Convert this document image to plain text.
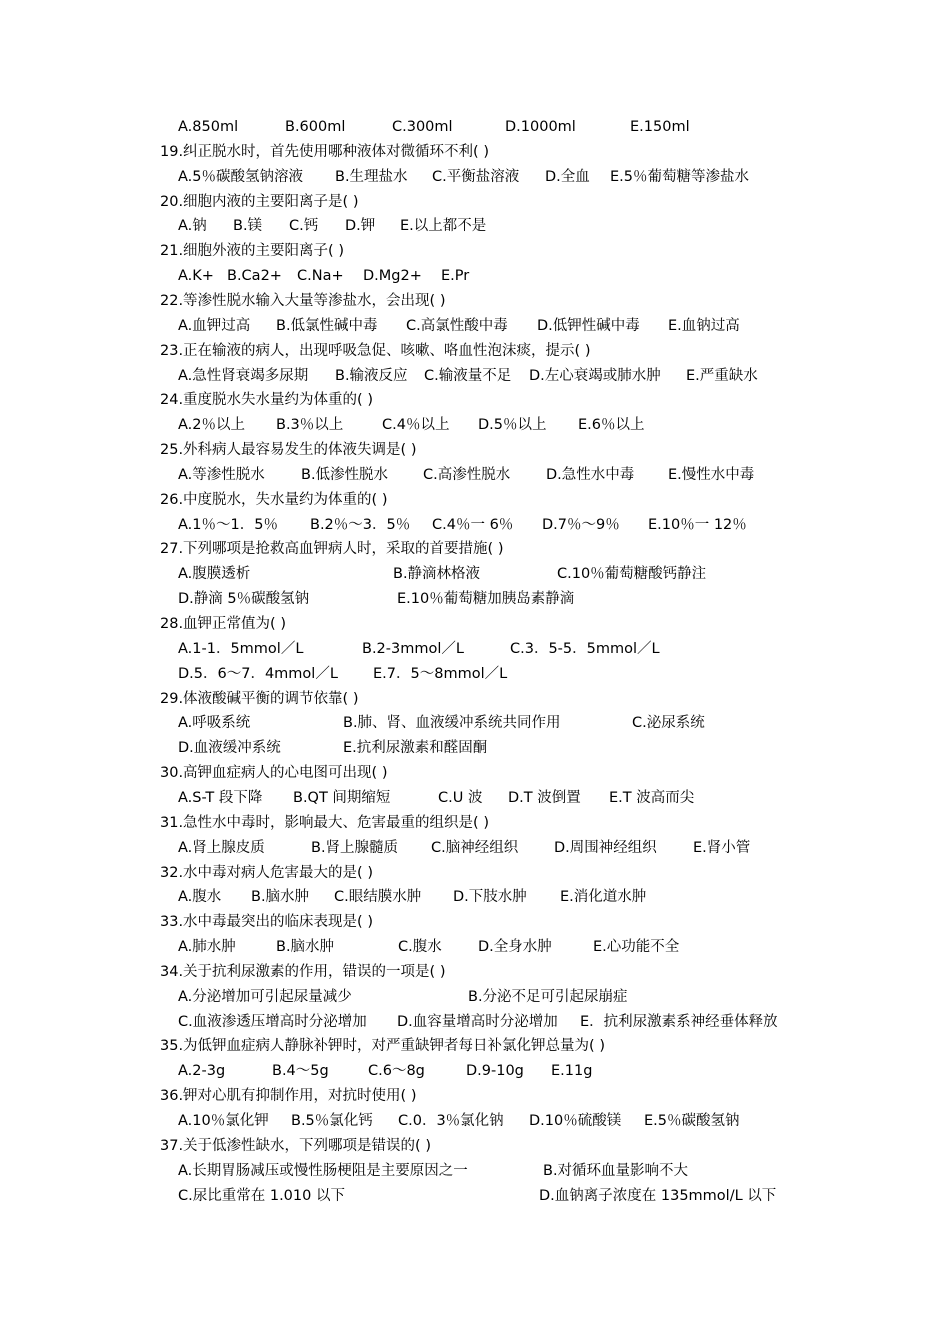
A.850ml	B.600ml	C.300ml	D.1000ml	E.150ml
19.纠正脱水时，首先使用哪种液体对微循环不利( )
A.5％碳酸氢钠溶液 B.生理盐水 C.平衡盐溶液 D.全血 E.5％葡萄糖等渗盐水
20.细胞内液的主要阳离子是( )
A.钠 B.镁 C.钙 D.钾 E.以上都不是
21.细胞外液的主要阳离子( )
A.K+ B.Ca2+ C.Na+ D.Mg2+ E.Pr
22.等渗性脱水输入大量等渗盐水，会出现( )
A.血钾过高 B.低氯性碱中毒 C.高氯性酸中毒 D.低钾性碱中毒 E.血钠过高
23.正在输液的病人，出现呼吸急促、咳嗽、咯血性泡沫痰，提示( )
A.急性肾衰竭多尿期 B.输液反应 C.输液量不足 D.左心衰竭或肺水肿 E.严重缺水
24.重度脱水失水量约为体重的( )
A.2％以上 B.3％以上	C.4％以上 D.5％以上 E.6％以上
25.外科病人最容易发生的体液失调是( )
A.等渗性脱水 B.低渗性脱水 C.高渗性脱水 D.急性水中毒 E.慢性水中毒
26.中度脱水，失水量约为体重的( )
A.1％～1．5％ B.2％～3．5％ C.4％一 6％ D.7％～9％ E.10％一 12％
27.下列哪项是抢救高血钾病人时，采取的首要措施( )
A.腹膜透析	B.静滴林格液	C.10％葡萄糖酸钙静注
D.静滴 5％碳酸氢钠	E.10％葡萄糖加胰岛素静滴
28.血钾正常值为( )
A.1-1．5mmol／L	B.2-3mmol／L	C.3．5-5．5mmol／L
D.5．6～7．4mmol／L E.7．5～8mmol／L
29.体液酸碱平衡的调节依靠( )
A.呼吸系统	B.肺、肾、血液缓冲系统共同作用	C.泌尿系统
D.血液缓冲系统	E.抗利尿激素和醛固酮
30.高钾血症病人的心电图可出现( )
A.S-T 段下降 B.QT 间期缩短	C.U 波 D.T 波倒置 E.T 波高而尖
31.急性水中毒时，影响最大、危害最重的组织是( )
A.肾上腺皮质	B.肾上腺髓质 C.脑神经组织 D.周围神经组织 E.肾小管
32.水中毒对病人危害最大的是( )
A.腹水 B.脑水肿 C.眼结膜水肿 D.下肢水肿 E.消化道水肿
33.水中毒最突出的临床表现是( )
A.肺水肿	B.脑水肿	C.腹水	D.全身水肿	E.心功能不全
34.关于抗利尿激素的作用，错误的一项是( )
A.分泌增加可引起尿量减少	B.分泌不足可引起尿崩症
C.血液渗透压增高时分泌增加 D.血容量增高时分泌增加 E．抗利尿激素系神经垂体释放
35.为低钾血症病人静脉补钾时，对严重缺钾者每日补氯化钾总量为( )
A.2-3g	B.4～5g	C.6～8g	D.9-10g E.11g
36.钾对心肌有抑制作用，对抗时使用( )
A.10％氯化钾 B.5％氯化钙 C.0．3％氯化钠 D.10％硫酸镁 E.5％碳酸氢钠
37.关于低渗性缺水，下列哪项是错误的( )
A.长期胃肠减压或慢性肠梗阻是主要原因之一	B.对循环血量影响不大
C.尿比重常在 1.010 以下	D.血钠离子浓度在 135mmol/L 以下
